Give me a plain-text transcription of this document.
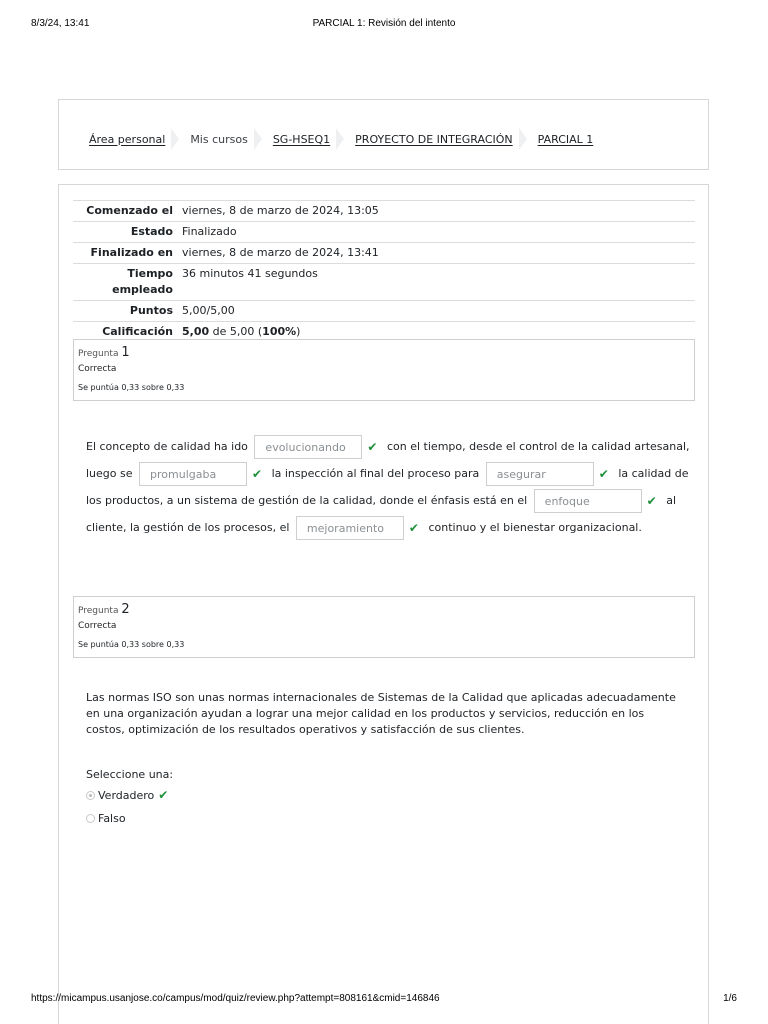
8/3/24, 13:41	PARCIAL 1: Revisión del intento
Área personal Mis cursos SG-HSEQ1 PROYECTO DE INTEGRACIÓN PARCIAL 1
Comenzado el	viernes, 8 de marzo de 2024, 13:05
Estado	Finalizado
Finalizado en	viernes, 8 de marzo de 2024, 13:41
Tiempo
empleado	36 minutos 41 segundos
Puntos	5,00/5,00
Calificación	5,00 de 5,00 (100%)
Pregunta 1
Correcta
Se puntúa 0,33 sobre 0,33
El concepto de calidad ha ido evolucionando ✔ con el tiempo, desde el control de la calidad artesanal,
luego se promulgaba	✔ la inspección al final del proceso para asegurar	✔ la calidad de
los productos, a un sistema de gestión de la calidad, donde el énfasis está en el enfoque	✔ al
cliente, la gestión de los procesos, el mejoramiento ✔ continuo y el bienestar organizacional.
Pregunta 2
Correcta
Se puntúa 0,33 sobre 0,33
Las normas ISO son unas normas internacionales de Sistemas de la Calidad que aplicadas adecuadamente en una organización ayudan a lograr una mejor calidad en los productos y servicios, reducción en los costos, optimización de los resultados operativos y satisfacción de sus clientes.
Seleccione una:
Verdadero ✔
Falso
https://micampus.usanjose.co/campus/mod/quiz/review.php?attempt=808161&cmid=146846	1/6
